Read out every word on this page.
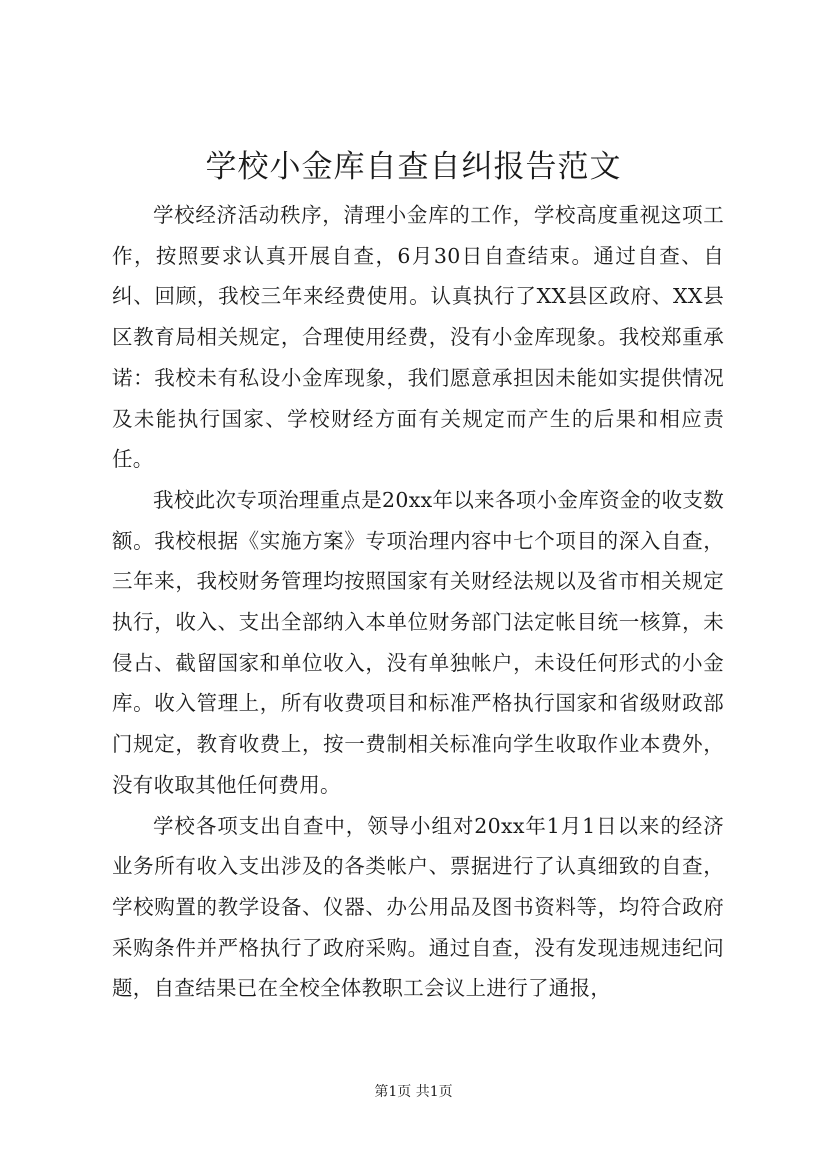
学校小金库自查自纠报告范文

学校经济活动秩序，清理小金库的工作，学校高度重视这项工作，按照要求认真开展自查，6月30日自查结束。通过自查、自纠、回顾，我校三年来经费使用。认真执行了XX县区政府、XX县区教育局相关规定，合理使用经费，没有小金库现象。我校郑重承诺：我校未有私设小金库现象，我们愿意承担因未能如实提供情况及未能执行国家、学校财经方面有关规定而产生的后果和相应责任。

我校此次专项治理重点是20xx年以来各项小金库资金的收支数额。我校根据《实施方案》专项治理内容中七个项目的深入自查，三年来，我校财务管理均按照国家有关财经法规以及省市相关规定执行，收入、支出全部纳入本单位财务部门法定帐目统一核算，未侵占、截留国家和单位收入，没有单独帐户，未设任何形式的小金库。收入管理上，所有收费项目和标准严格执行国家和省级财政部门规定，教育收费上，按一费制相关标准向学生收取作业本费外，没有收取其他任何费用。

学校各项支出自查中，领导小组对20xx年1月1日以来的经济业务所有收入支出涉及的各类帐户、票据进行了认真细致的自查，学校购置的教学设备、仪器、办公用品及图书资料等，均符合政府采购条件并严格执行了政府采购。通过自查，没有发现违规违纪问题，自查结果已在全校全体教职工会议上进行了通报，

第1页 共1页
